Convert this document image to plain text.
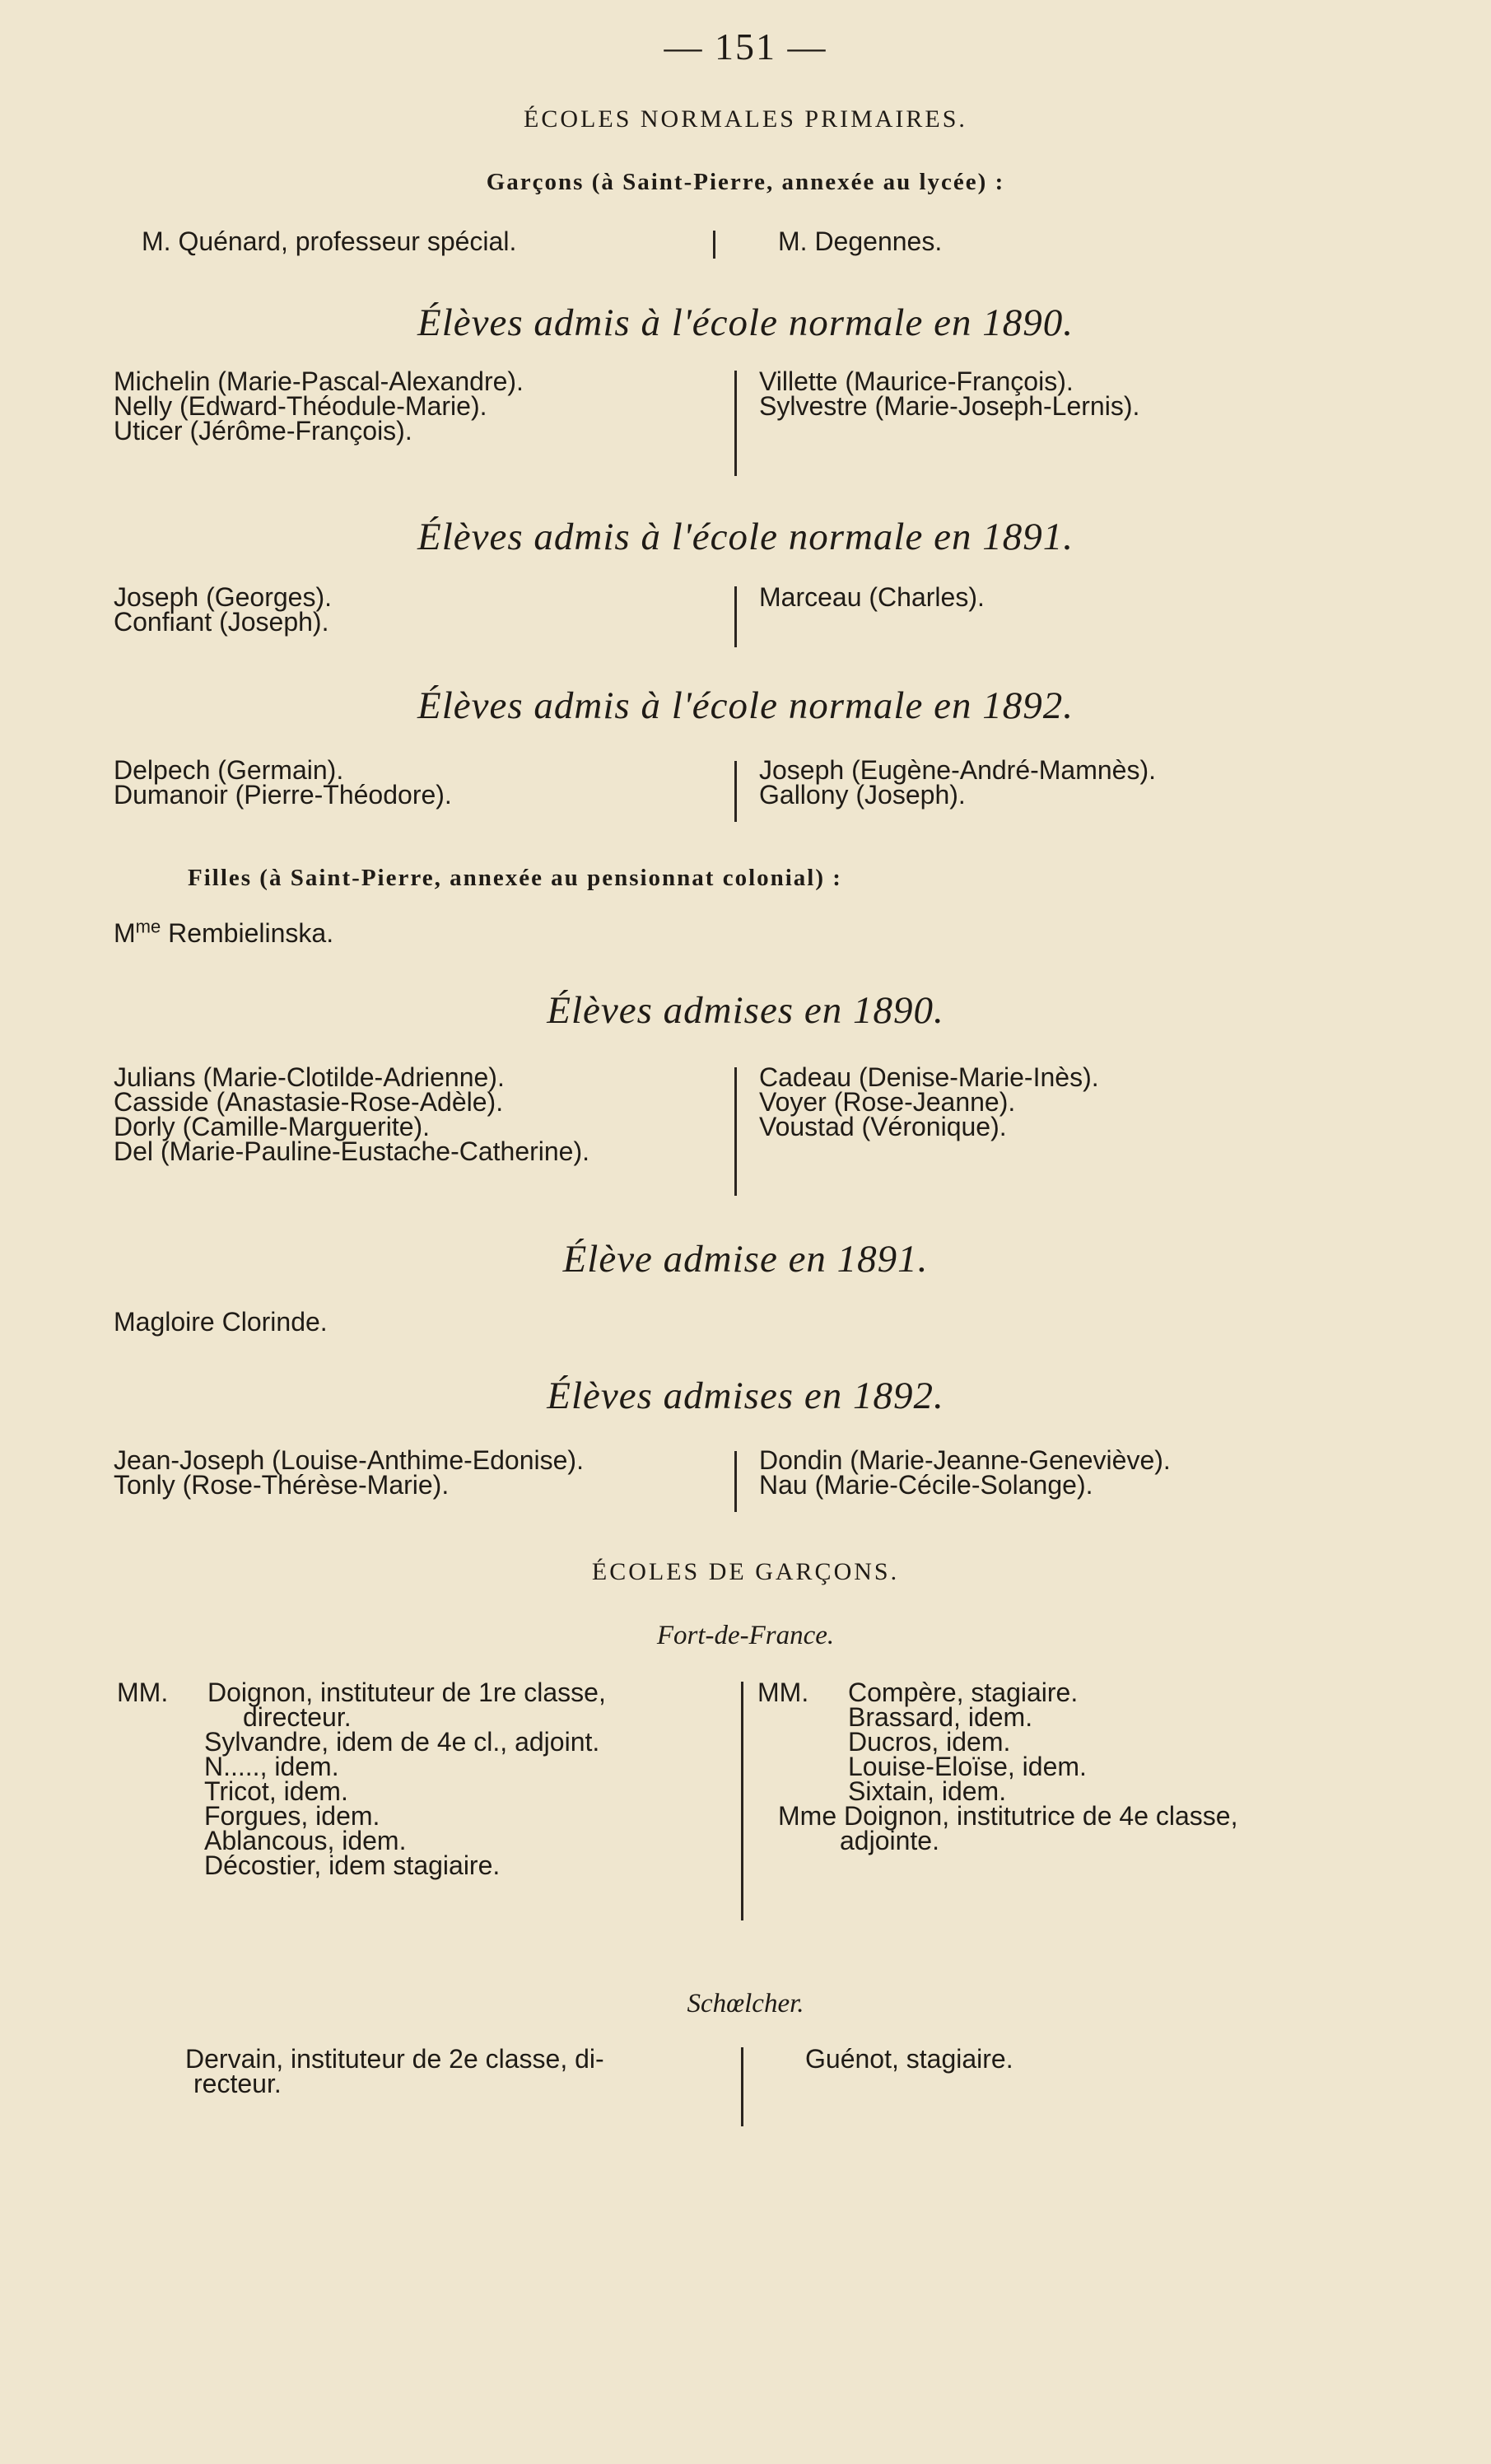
— 151 —
ÉCOLES NORMALES PRIMAIRES.
Garçons (à Saint-Pierre, annexée au lycée) :
M. Quénard, professeur spécial.	M. Degennes.
Élèves admis à l'école normale en 1890.
Michelin (Marie-Pascal-Alexandre).
Nelly (Edward-Théodule-Marie).
Uticer (Jérôme-François).
Villette (Maurice-François).
Sylvestre (Marie-Joseph-Lernis).
Élèves admis à l'école normale en 1891.
Joseph (Georges).
Confiant (Joseph).
Marceau (Charles).
Élèves admis à l'école normale en 1892.
Delpech (Germain).
Dumanoir (Pierre-Théodore).
Joseph (Eugène-André-Mamnès).
Gallony (Joseph).
Filles (à Saint-Pierre, annexée au pensionnat colonial) :
$M^{me}$ Rembielinska.
Élèves admises en 1890.
Julians (Marie-Clotilde-Adrienne).
Casside (Anastasie-Rose-Adèle).
Dorly (Camille-Marguerite).
Del (Marie-Pauline-Eustache-Catherine).
Cadeau (Denise-Marie-Inès).
Voyer (Rose-Jeanne).
Voustad (Véronique).
Élève admise en 1891.
Magloire Clorinde.
Élèves admises en 1892.
Jean-Joseph (Louise-Anthime-Edonise).
Tonly (Rose-Thérèse-Marie).
Dondin (Marie-Jeanne-Geneviève).
Nau (Marie-Cécile-Solange).
ÉCOLES DE GARÇONS.
Fort-de-France.
MM.	Doignon, instituteur de 1re classe,
directeur.
Sylvandre, idem de 4e cl., adjoint.
N....., idem.
Tricot, idem.
Forgues, idem.
Ablancous, idem.
Décostier, idem stagiaire.
MM.	Compère, stagiaire.
Brassard, idem.
Ducros, idem.
Louise-Eloïse, idem.
Sixtain, idem.
Mme Doignon, institutrice de 4e classe,
adjointe.
Schœlcher.
Dervain, instituteur de 2e classe, di-
recteur.
Guénot, stagiaire.
